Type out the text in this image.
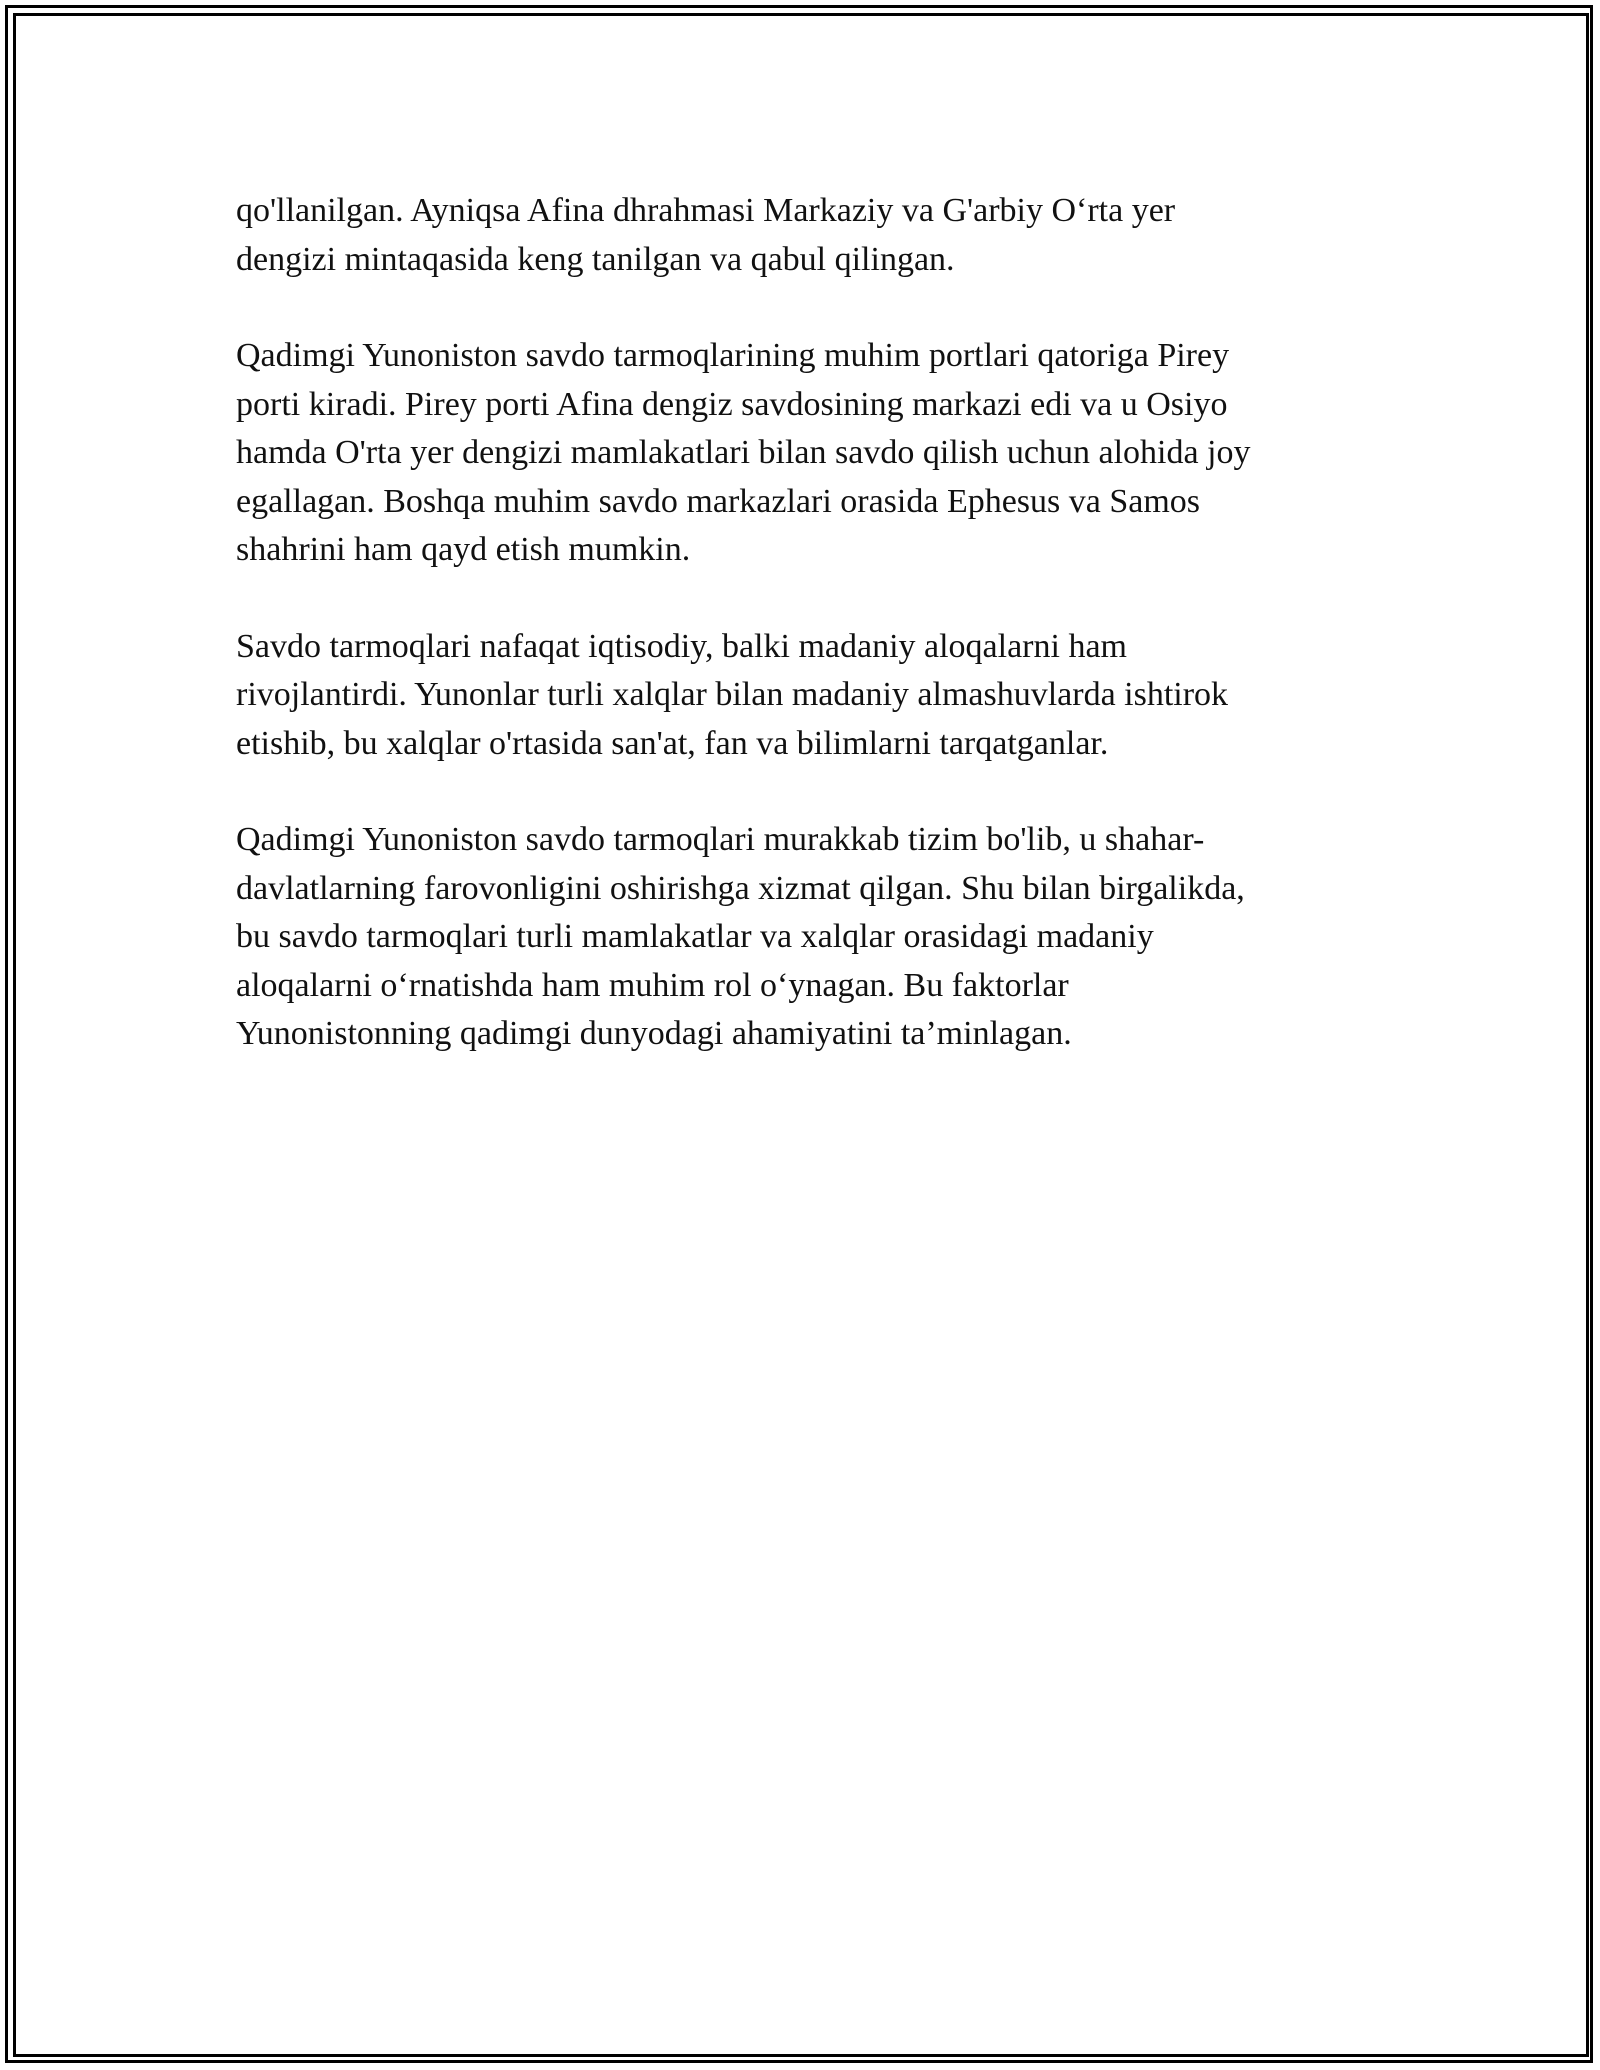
qo'llanilgan. Ayniqsa Afina dhrahmasi Markaziy va G'arbiy O‘rta yer
dengizi mintaqasida keng tanilgan va qabul qilingan.

Qadimgi Yunoniston savdo tarmoqlarining muhim portlari qatoriga Pirey
porti kiradi. Pirey porti Afina dengiz savdosining markazi edi va u Osiyo
hamda O'rta yer dengizi mamlakatlari bilan savdo qilish uchun alohida joy
egallagan. Boshqa muhim savdo markazlari orasida Ephesus va Samos
shahrini ham qayd etish mumkin.

Savdo tarmoqlari nafaqat iqtisodiy, balki madaniy aloqalarni ham
rivojlantirdi. Yunonlar turli xalqlar bilan madaniy almashuvlarda ishtirok
etishib, bu xalqlar o'rtasida san'at, fan va bilimlarni tarqatganlar.

Qadimgi Yunoniston savdo tarmoqlari murakkab tizim bo'lib, u shahar-
davlatlarning farovonligini oshirishga xizmat qilgan. Shu bilan birgalikda,
bu savdo tarmoqlari turli mamlakatlar va xalqlar orasidagi madaniy
aloqalarni o‘rnatishda ham muhim rol o‘ynagan. Bu faktorlar
Yunonistonning qadimgi dunyodagi ahamiyatini ta’minlagan.
